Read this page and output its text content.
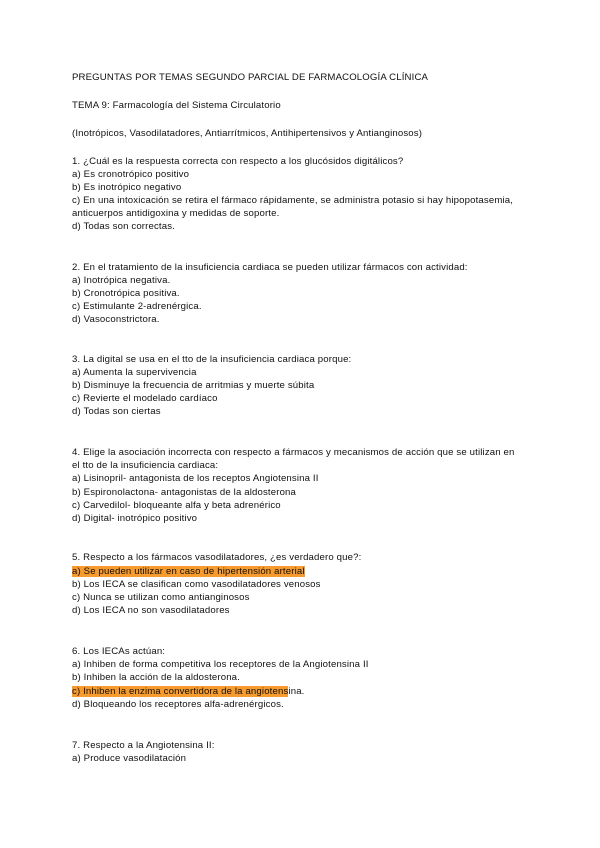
PREGUNTAS POR TEMAS SEGUNDO PARCIAL DE FARMACOLOGÍA CLÍNICA
TEMA 9: Farmacología del Sistema Circulatorio
(Inotrópicos, Vasodilatadores, Antiarrítmicos, Antihipertensivos y Antianginosos)
1. ¿Cuál es la respuesta correcta con respecto a los glucósidos digitálicos?
a) Es cronotrópico positivo
b) Es inotrópico negativo
c) En una intoxicación se retira el fármaco rápidamente, se administra potasio si hay hipopotasemia,
anticuerpos antidigoxina y medidas de soporte.
d) Todas son correctas.
2. En el tratamiento de la insuficiencia cardiaca se pueden utilizar fármacos con actividad:
a) Inotrópica negativa.
b) Cronotrópica positiva.
c) Estimulante 2-adrenérgica.
d) Vasoconstrictora.
3. La digital se usa en el tto de la insuficiencia cardiaca porque:
a) Aumenta la supervivencia
b) Disminuye la frecuencia de arritmias y muerte súbita
c) Revierte el modelado cardíaco
d) Todas son ciertas
4. Elige la asociación incorrecta con respecto a fármacos y mecanismos de acción que se utilizan en
el tto de la insuficiencia cardiaca:
a) Lisinopril- antagonista de los receptos Angiotensina II
b) Espironolactona- antagonistas de la aldosterona
c) Carvedilol- bloqueante alfa y beta adrenérico
d) Digital- inotrópico positivo
5. Respecto a los fármacos vasodilatadores, ¿es verdadero que?:
a) Se pueden utilizar en caso de hipertensión arterial
b) Los IECA se clasifican como vasodilatadores venosos
c) Nunca se utilizan como antianginosos
d) Los IECA no son vasodilatadores
6. Los IECAs actúan:
a) Inhiben de forma competitiva los receptores de la Angiotensina II
b) Inhiben la acción de la aldosterona.
c) Inhiben la enzima convertidora de la angiotensina.
d) Bloqueando los receptores alfa-adrenérgicos.
7. Respecto a la Angiotensina II:
a) Produce vasodilatación
